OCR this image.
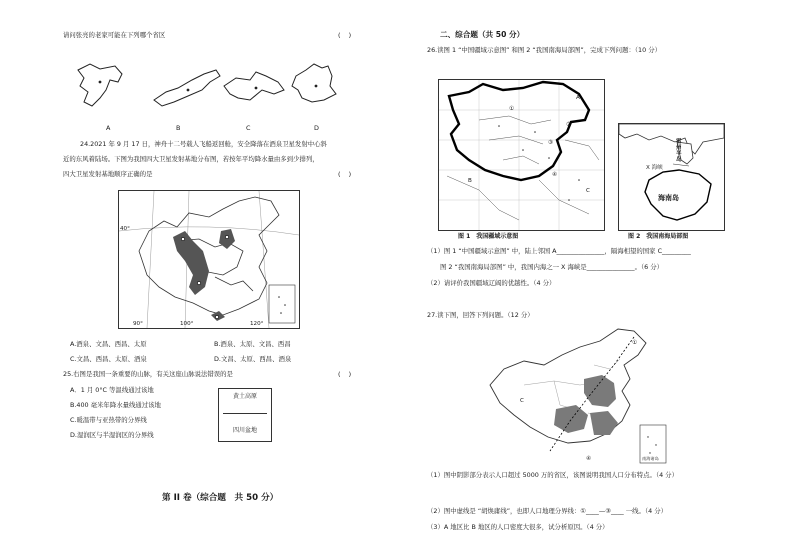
请问张亮的老家可能在下列哪个省区	(    )
A	B	C	D
24.2021 年 9 月 17 日，神舟十二号载人飞船返回舱，安全降落在酒泉卫星发射中心斜
近的东风着陆场。下图为我国四大卫星发射基地分布图，若按年平均降水量由多到少排列，
四大卫星发射基地顺序正确的是	(    )
90°	100°	120°
40°
A.酒泉、文昌、西昌、太原	B.酒泉、太原、文昌、西昌
C.文昌、西昌、太原、酒泉	D.文昌、太原、西昌、酒泉
25.右图是我国一条重要的山脉，有关这座山脉说法错误的是	(    )
A．1 月 0°C 等温线通过该地
B.400 毫米年降水量线通过该地
C.暖温带与亚热带的分界线
D.湿润区与半湿润区的分界线
黄土高原
四川盆地
第 II 卷（综合题　共 50 分）
二、综合题（共 50 分）
26.读图 1 “中国疆域示意图” 和图 2 “我国南海局部图”，完成下列问题：（10 分）
①
②
③
④
A
B
C
雷州半岛
X 海峡
海南岛
图 1　我国疆域示意图	图 2　我国南海局部图
（1）图 1 “中国疆域示意图” 中，陆上邻国 A_______________，隔海相望的国家 C_________
图 2 “我国南海局部图” 中，我国内海之一 X 海峡是_______________。（6 分）
（2）请评价我国疆域辽阔的优越性。（4 分）
27.读下图，回答下列问题。（12 分）
①
C
④	南海诸岛
（1）图中阴影部分表示人口超过 5000 万的省区，该图说明我国人口分布特点。（4 分）
（2）图中虚线是 “胡焕庸线”，也即人口地理分界线：①____—③____ 一线。（4 分）
（3）A 地区比 B 地区的人口密度大很多，试分析原因。（4 分）
